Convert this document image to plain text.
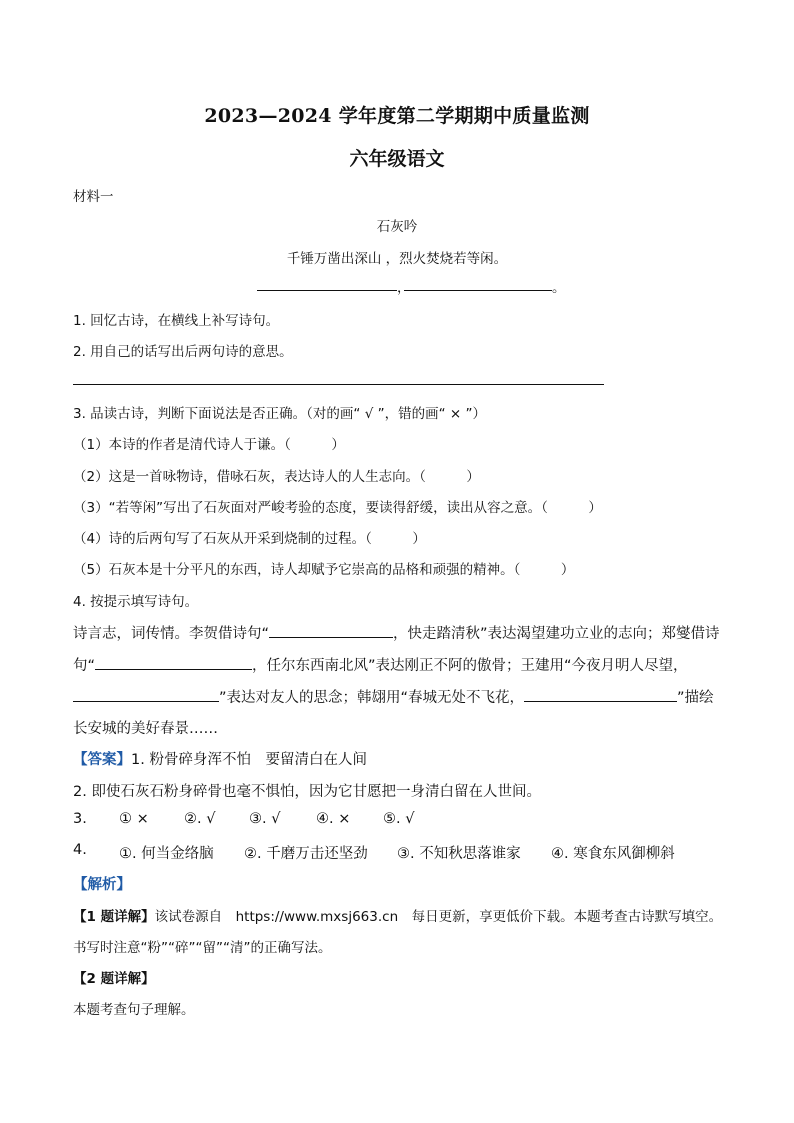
2023—2024 学年度第二学期期中质量监测
六年级语文
材料一
石灰吟
千锤万凿出深山 ，烈火焚烧若等闲。
，	。
1. 回忆古诗，在横线上补写诗句。
2. 用自己的话写出后两句诗的意思。
3. 品读古诗，判断下面说法是否正确。（对的画“ √ ”，错的画“ × ”）
（1）本诗的作者是清代诗人于谦。（　　　）
（2）这是一首咏物诗，借咏石灰，表达诗人的人生志向。（　　　）
（3）“若等闲”写出了石灰面对严峻考验的态度，要读得舒缓，读出从容之意。（　　　）
（4）诗的后两句写了石灰从开采到烧制的过程。（　　　）
（5）石灰本是十分平凡的东西，诗人却赋予它崇高的品格和顽强的精神。（　　　）
4. 按提示填写诗句。
诗言志，词传情。李贺借诗句“	，快走踏清秋”表达渴望建功立业的志向；郑燮借诗
句“	，任尔东西南北风”表达刚正不阿的傲骨；王建用“今夜月明人尽望，
”表达对友人的思念；韩翃用“春城无处不飞花，	”描绘
长安城的美好春景……
【答案】1. 粉骨碎身浑不怕　要留清白在人间
2. 即使石灰石粉身碎骨也毫不惧怕，因为它甘愿把一身清白留在人世间。
3. ① × ②. √ ③. √ ④. × ⑤. √
4. ①. 何当金络脑 ②. 千磨万击还坚劲 ③. 不知秋思落谁家 ④. 寒食东风御柳斜
【解析】
【1 题详解】该试卷源自　https://www.mxsj663.cn　每日更新，享更低价下载。本题考查古诗默写填空。
书写时注意“粉”“碎”“留”“清”的正确写法。
【2 题详解】
本题考查句子理解。
